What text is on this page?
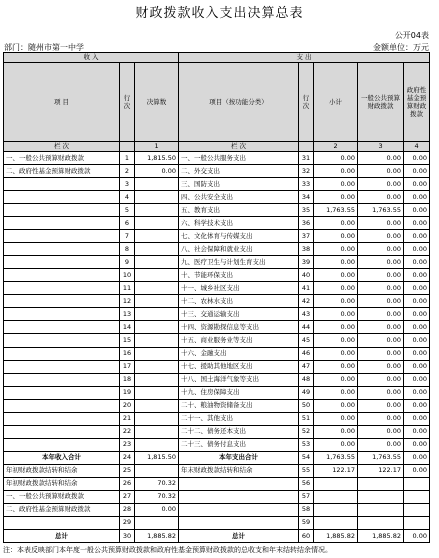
财政拨款收入支出决算总表
公开04表
部门：随州市第一中学	金额单位：万元
收 入			支 出				
项 目	行次	决算数	项目（按功能分类）	行次	小计	一般公共预算财政拨款	政府性基金预算财政拨款
栏 次		1	栏 次		2	3	4
一、一般公共预算财政拨款	1	1,815.50	一、一般公共服务支出	31	0.00	0.00	0.00
二、政府性基金预算财政拨款	2	0.00	二、外交支出	32	0.00	0.00	0.00
	3		三、国防支出	33	0.00	0.00	0.00
	4		四、公共安全支出	34	0.00	0.00	0.00
	5		五、教育支出	35	1,763.55	1,763.55	0.00
	6		六、科学技术支出	36	0.00	0.00	0.00
	7		七、文化体育与传媒支出	37	0.00	0.00	0.00
	8		八、社会保障和就业支出	38	0.00	0.00	0.00
	9		九、医疗卫生与计划生育支出	39	0.00	0.00	0.00
	10		十、节能环保支出	40	0.00	0.00	0.00
	11		十一、城乡社区支出	41	0.00	0.00	0.00
	12		十二、农林水支出	42	0.00	0.00	0.00
	13		十三、交通运输支出	43	0.00	0.00	0.00
	14		十四、资源勘探信息等支出	44	0.00	0.00	0.00
	15		十五、商业服务业等支出	45	0.00	0.00	0.00
	16		十六、金融支出	46	0.00	0.00	0.00
	17		十七、援助其他地区支出	47	0.00	0.00	0.00
	18		十八、国土海洋气象等支出	48	0.00	0.00	0.00
	19		十九、住房保障支出	49	0.00	0.00	0.00
	20		二十、粮油物资储备支出	50	0.00	0.00	0.00
	21		二十一、其他支出	51	0.00	0.00	0.00
	22		二十二、债务还本支出	52	0.00	0.00	0.00
	23		二十三、债务付息支出	53	0.00	0.00	0.00
本年收入合计	24	1,815.50	本年支出合计	54	1,763.55	1,763.55	0.00
年初财政拨款结转和结余	25		年末财政拨款结转和结余	55	122.17	122.17	0.00
年初财政拨款结转和结余	26	70.32		56			
一、一般公共预算财政拨款	27	70.32		57			
二、政府性基金预算财政拨款	28	0.00		58			
	29			59			
总计	30	1,885.82	总计	60	1,885.82	1,885.82	0.00
注：本表反映部门本年度一般公共预算财政拨款和政府性基金预算财政拨款的总收支和年末结转结余情况。
